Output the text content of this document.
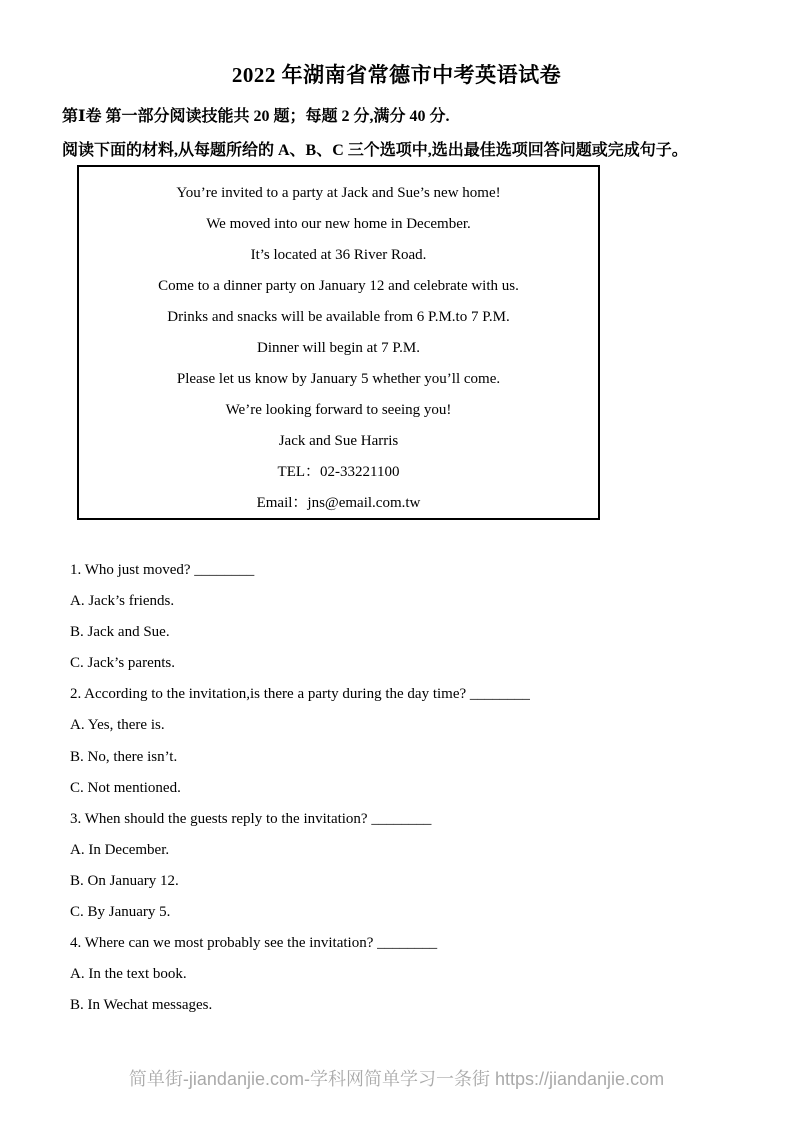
2022 年湖南省常德市中考英语试卷
第Ⅰ卷 第一部分阅读技能共 20 题；每题 2 分,满分 40 分.
阅读下面的材料,从每题所给的 A、B、C 三个选项中,选出最佳选项回答问题或完成句子。
You’re invited to a party at Jack and Sue’s new home!
We moved into our new home in December.
It’s located at 36 River Road.
Come to a dinner party on January 12 and celebrate with us.
Drinks and snacks will be available from 6 P.M.to 7 P.M.
Dinner will begin at 7 P.M.
Please let us know by January 5 whether you’ll come.
We’re looking forward to seeing you!
Jack and Sue Harris
TEL：02-33221100
Email：jns@email.com.tw
1. Who just moved? ________
A. Jack’s friends.
B. Jack and Sue.
C. Jack’s parents.
2. According to the invitation,is there a party during the day time? ________
A. Yes, there is.
B. No, there isn’t.
C. Not mentioned.
3. When should the guests reply to the invitation? ________
A. In December.
B. On January 12.
C. By January 5.
4. Where can we most probably see the invitation? ________
A. In the text book.
B. In Wechat messages.
简单街-jiandanjie.com-学科网简单学习一条街 https://jiandanjie.com
